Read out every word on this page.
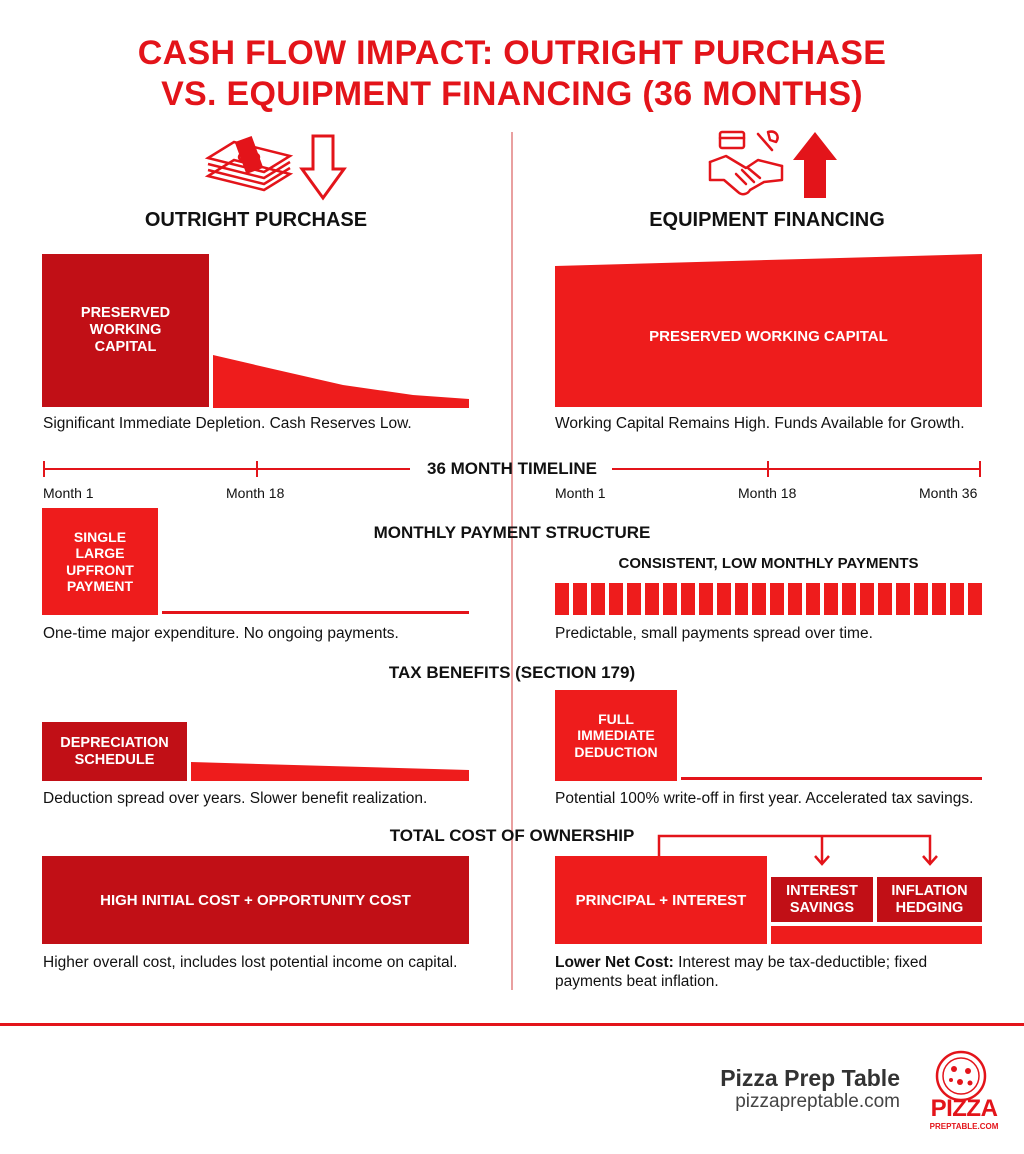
CASH FLOW IMPACT: OUTRIGHT PURCHASE
VS. EQUIPMENT FINANCING (36 MONTHS)
OUTRIGHT PURCHASE	EQUIPMENT FINANCING
PRESERVED
WORKING
CAPITAL
Significant Immediate Depletion. Cash Reserves Low.
PRESERVED WORKING CAPITAL
Working Capital Remains High. Funds Available for Growth.
36 MONTH TIMELINE
Month 1	Month 18	Month 1	Month 18	Month 36
MONTHLY PAYMENT STRUCTURE
SINGLE
LARGE
UPFRONT
PAYMENT
One-time major expenditure. No ongoing payments.
CONSISTENT, LOW MONTHLY PAYMENTS
Predictable, small payments spread over time.
TAX BENEFITS (SECTION 179)
DEPRECIATION
SCHEDULE
Deduction spread over years. Slower benefit realization.
FULL
IMMEDIATE
DEDUCTION
Potential 100% write-off in first year. Accelerated tax savings.
TOTAL COST OF OWNERSHIP
HIGH INITIAL COST + OPPORTUNITY COST
Higher overall cost, includes lost potential income on capital.
PRINCIPAL + INTEREST
INTEREST
SAVINGS
INFLATION
HEDGING
Lower Net Cost: Interest may be tax-deductible; fixed payments beat inflation.
Pizza Prep Table
pizzapreptable.com	PIZZA
PREPTABLE.COM
